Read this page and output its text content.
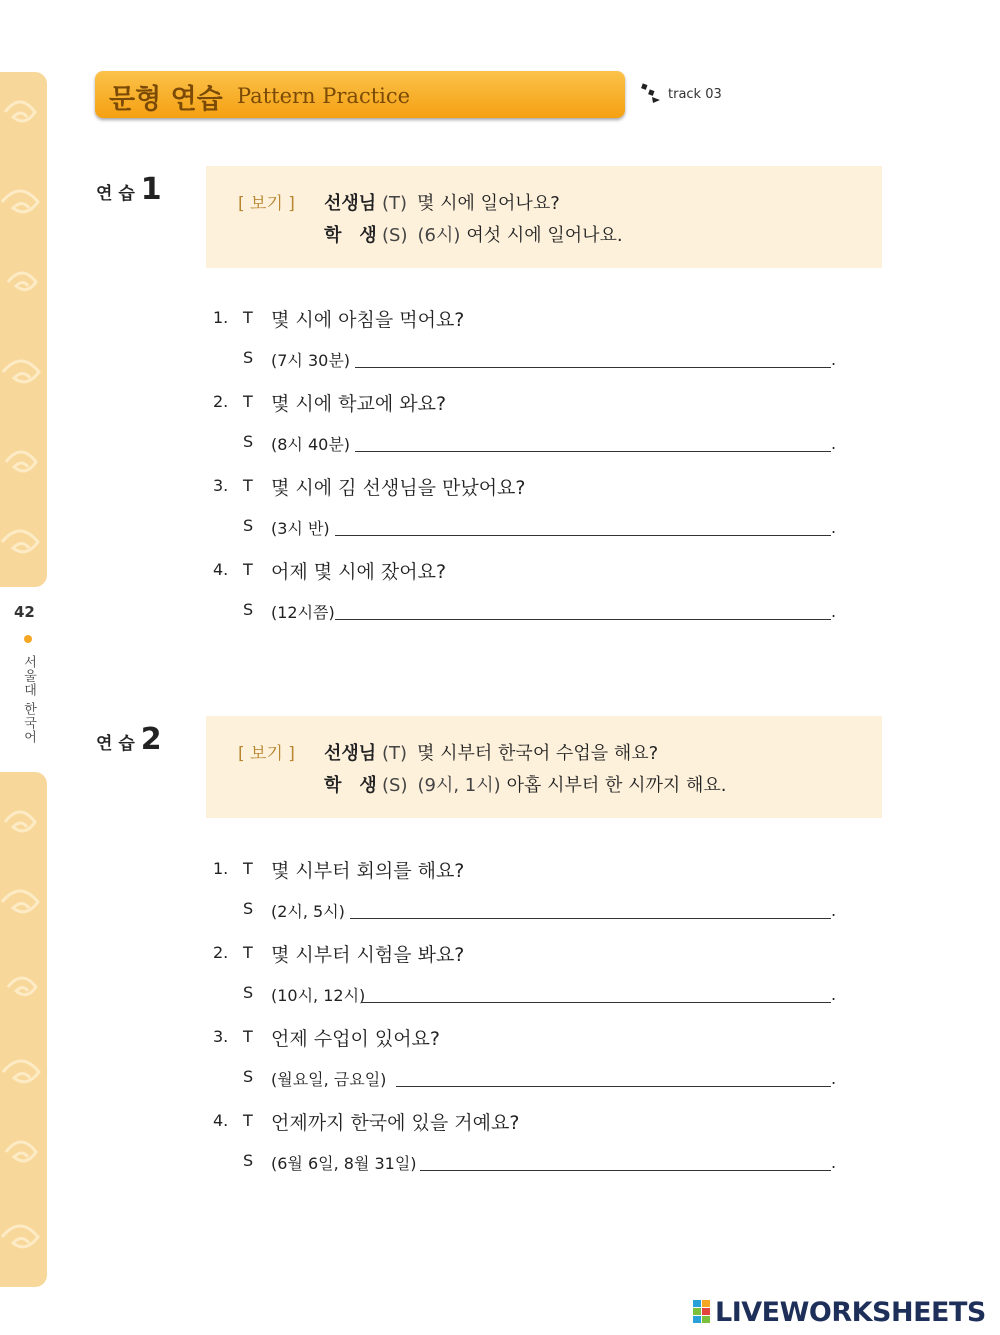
42
서울대 한국어
문형 연습 Pattern Practice	track 03
연 습 1	[ 보기 ] 선생님 (T) 몇 시에 일어나요?
학　생 (S) (6시) 여섯 시에 일어나요.
1. T 몇 시에 아침을 먹어요?
S (7시 30분)	.
2. T 몇 시에 학교에 와요?
S (8시 40분)	.
3. T 몇 시에 김 선생님을 만났어요?
S (3시 반)	.
4. T 어제 몇 시에 잤어요?
S (12시쯤)	.
연 습 2	[ 보기 ] 선생님 (T) 몇 시부터 한국어 수업을 해요?
학　생 (S) (9시, 1시) 아홉 시부터 한 시까지 해요.
1. T 몇 시부터 회의를 해요?
S (2시, 5시)	.
2. T 몇 시부터 시험을 봐요?
S (10시, 12시)	.
3. T 언제 수업이 있어요?
S (월요일, 금요일)	.
4. T 언제까지 한국에 있을 거예요?
S (6월 6일, 8월 31일)	.
LIVEWORKSHEETS
